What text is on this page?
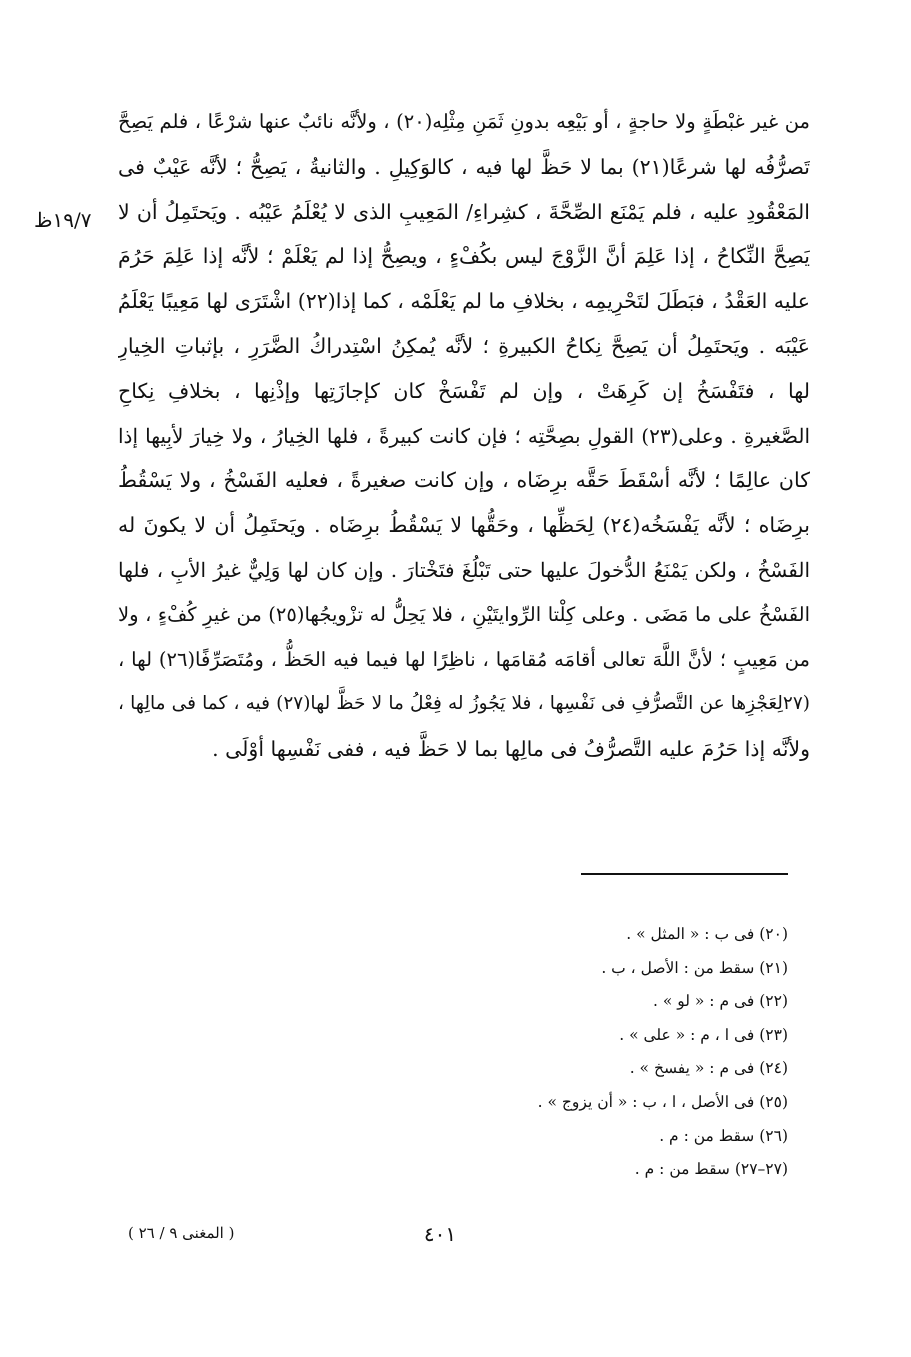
١٩/٧ظ
من غير غبْطَةٍ ولا حاجةٍ ، أو بَيْعِه بدونِ ثَمَنِ مِثْلِه(٢٠) ، ولأنَّه نائبٌ عنها شرْعًا ، فلم يَصِحَّ
تَصرُّفُه لها شرعًا(٢١) بما لا حَظَّ لها فيه ، كالوَكِيلِ . والثانيةُ ، يَصِحُّ ؛ لأنَّه عَيْبٌ فى
المَعْقُودِ عليه ، فلم يَمْنَع الصِّحَّةَ ، كشِراءِ/ المَعِيبِ الذى لا يُعْلَمُ عَيْبُه . ويَحتَمِلُ أن لا
يَصِحَّ النِّكاحُ ، إذا عَلِمَ أنَّ الزَّوْجَ ليس بكُفْءٍ ، ويصِحُّ إذا لم يَعْلَمْ ؛ لأنَّه إذا عَلِمَ حَرُمَ
عليه العَقْدُ ، فبَطَلَ لتَحْرِيمِه ، بخلافِ ما لم يَعْلَمْه ، كما إذا(٢٢) اشْتَرَى لها مَعِيبًا يَعْلَمُ
عَيْبَه . ويَحتَمِلُ أن يَصِحَّ نِكاحُ الكبيرةِ ؛ لأنَّه يُمكِنُ اسْتِدراكُ الضَّرَرِ ، بإثباتِ الخِيارِ
لها ، فتَفْسَخُ إن كَرِهَتْ ، وإن لم تَفْسَخْ كان كإجازَتِها وإذْنِها ، بخلافِ نِكاحِ
الصَّغيرةِ . وعلى(٢٣) القولِ بصِحَّتِه ؛ فإن كانت كبيرةً ، فلها الخِيارُ ، ولا خِيارَ لأبِيها إذا
كان عالِمًا ؛ لأنَّه أسْقَطَ حَقَّه برِضَاه ، وإن كانت صغيرةً ، فعليه الفَسْخُ ، ولا يَسْقُطُ
برِضَاه ؛ لأنَّه يَفْسَخُه(٢٤) لِحَظِّها ، وحَقُّها لا يَسْقُطُ برِضَاه . ويَحتَمِلُ أن لا يكونَ له
الفَسْخُ ، ولكن يَمْنَعُ الدُّخولَ عليها حتى تَبْلُغَ فتَخْتارَ . وإن كان لها وَلِيٌّ غيرُ الأبِ ، فلها
الفَسْخُ على ما مَضَى . وعلى كِلْتا الرِّوايتَيْنِ ، فلا يَحِلُّ له تزْويجُها(٢٥) من غيرِ كُفْءٍ ، ولا
من مَعِيبٍ ؛ لأنَّ اللَّهَ تعالى أقامَه مُقامَها ، ناظِرًا لها فيما فيه الحَظُّ ، ومُتَصَرِّفًا(٢٦) لها ،
(٢٧لِعَجْزِها عن التَّصرُّفِ فى نَفْسِها ، فلا يَجُوزُ له فِعْلُ ما لا حَظَّ لها(٢٧) فيه ، كما فى مالِها ،
ولأنَّه إذا حَرُمَ عليه التَّصرُّفُ فى مالِها بما لا حَظَّ فيه ، ففى نَفْسِها أوْلَى .
(٢٠) فى ب : « المثل » .
(٢١) سقط من : الأصل ، ب .
(٢٢) فى م : « لو » .
(٢٣) فى ا ، م : « على » .
(٢٤) فى م : « يفسخ » .
(٢٥) فى الأصل ، ا ، ب : « أن يزوج » .
(٢٦) سقط من : م .
(٢٧–٢٧) سقط من : م .
٤٠١
( المغنى ٩ / ٢٦ )
